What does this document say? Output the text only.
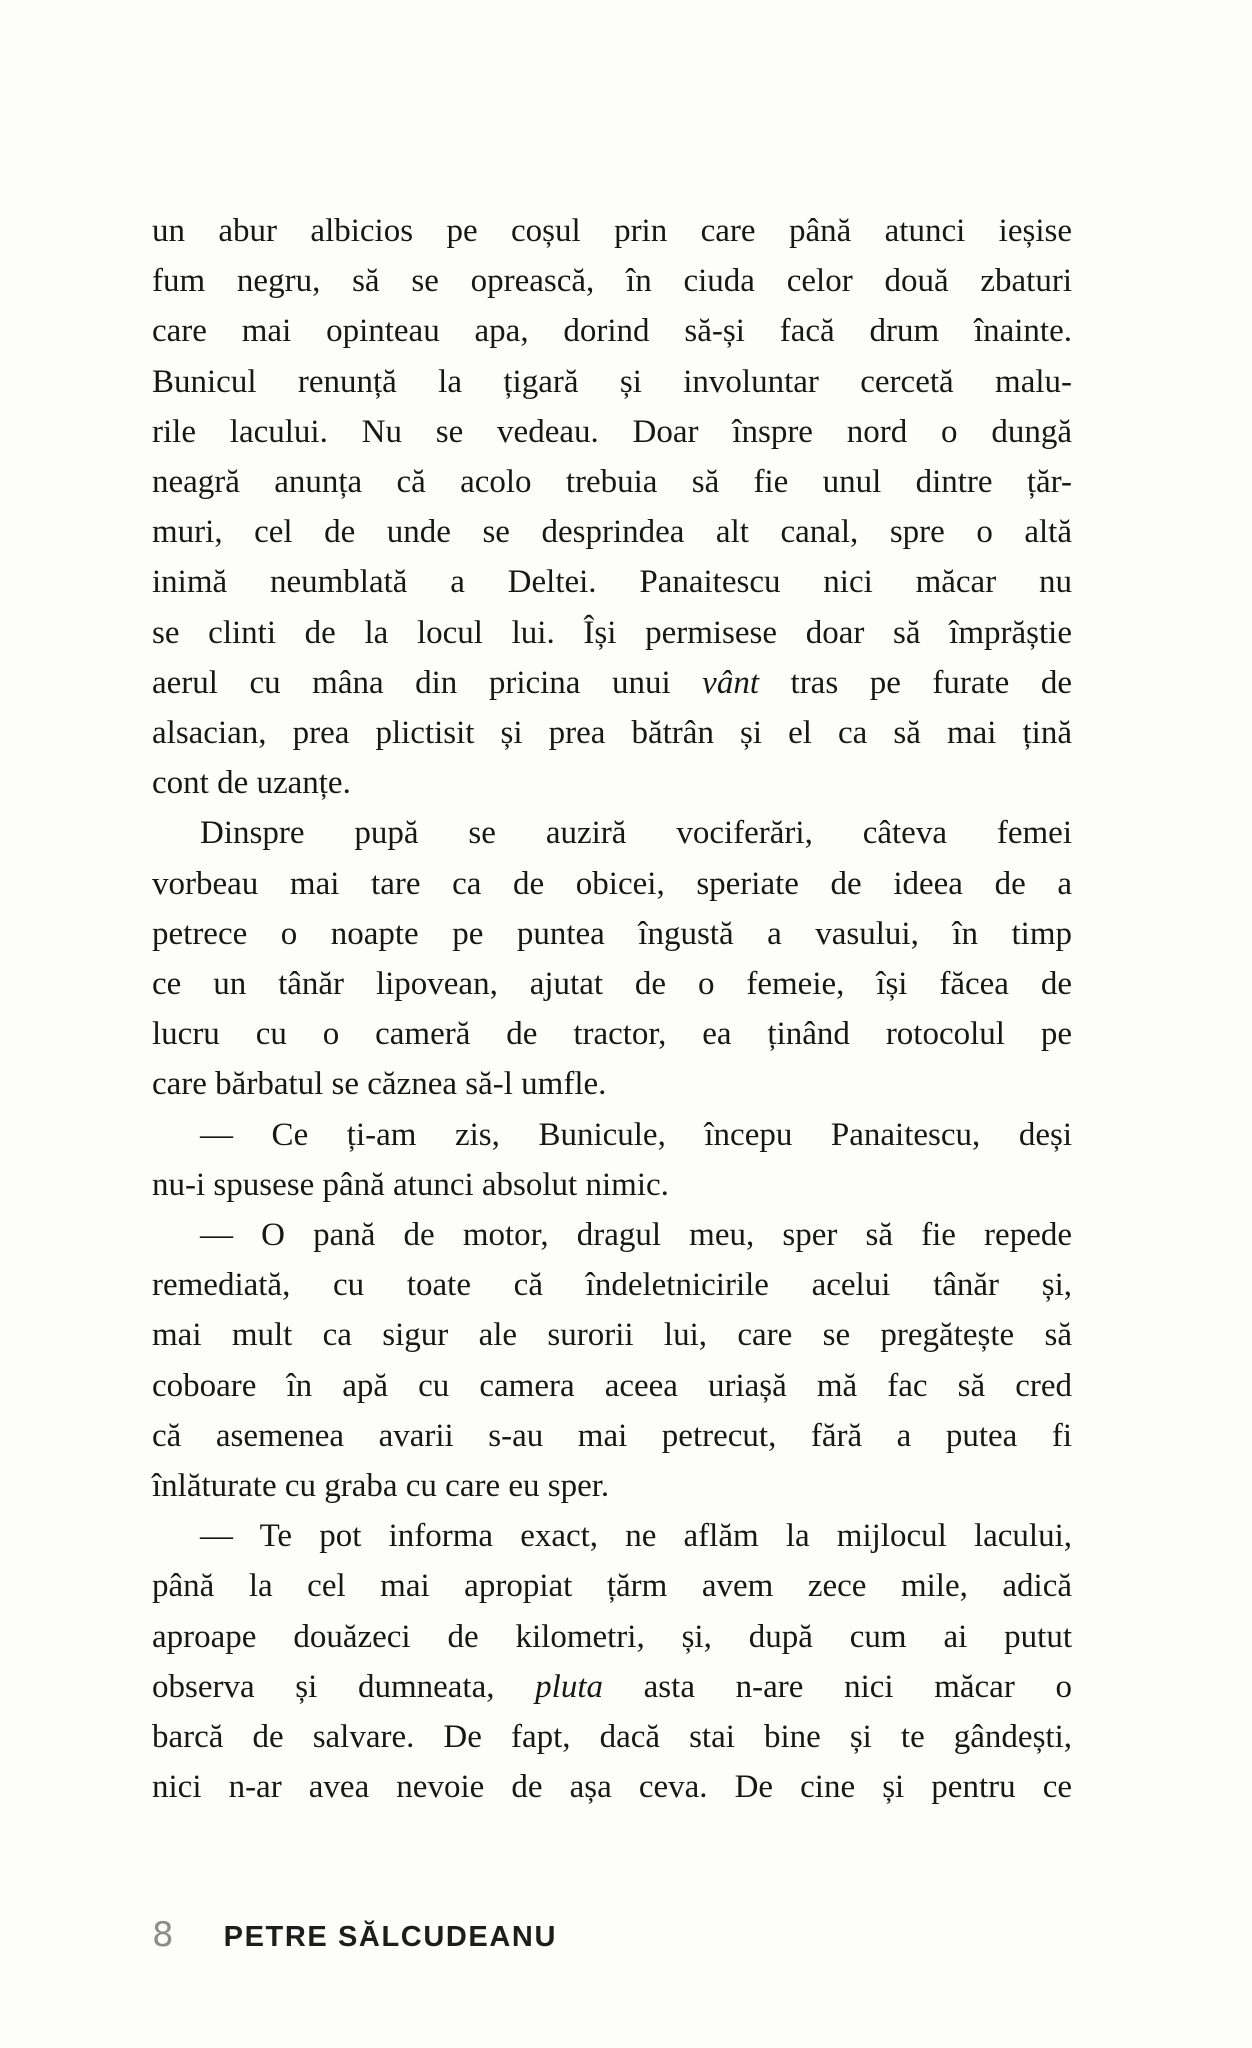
un abur albicios pe coșul prin care până atunci ieșise
fum negru, să se oprească, în ciuda celor două zbaturi
care mai opinteau apa, dorind să-și facă drum înainte.
Bunicul renunță la țigară și involuntar cercetă malu-
rile lacului. Nu se vedeau. Doar înspre nord o dungă
neagră anunța că acolo trebuia să fie unul dintre țăr-
muri, cel de unde se desprindea alt canal, spre o altă
inimă neumblată a Deltei. Panaitescu nici măcar nu
se clinti de la locul lui. Își permisese doar să împrăștie
aerul cu mâna din pricina unui vânt tras pe furate de
alsacian, prea plictisit și prea bătrân și el ca să mai țină
cont de uzanțe.
Dinspre pupă se auziră vociferări, câteva femei
vorbeau mai tare ca de obicei, speriate de ideea de a
petrece o noapte pe puntea îngustă a vasului, în timp
ce un tânăr lipovean, ajutat de o femeie, își făcea de
lucru cu o cameră de tractor, ea ținând rotocolul pe
care bărbatul se căznea să-l umfle.
— Ce ți-am zis, Bunicule, începu Panaitescu, deși
nu-i spusese până atunci absolut nimic.
— O pană de motor, dragul meu, sper să fie repede
remediată, cu toate că îndeletnicirile acelui tânăr și,
mai mult ca sigur ale surorii lui, care se pregătește să
coboare în apă cu camera aceea uriașă mă fac să cred
că asemenea avarii s-au mai petrecut, fără a putea fi
înlăturate cu graba cu care eu sper.
— Te pot informa exact, ne aflăm la mijlocul lacului,
până la cel mai apropiat țărm avem zece mile, adică
aproape douăzeci de kilometri, și, după cum ai putut
observa și dumneata, pluta asta n-are nici măcar o
barcă de salvare. De fapt, dacă stai bine și te gândești,
nici n-ar avea nevoie de așa ceva. De cine și pentru ce
8 PETRE SĂLCUDEANU
